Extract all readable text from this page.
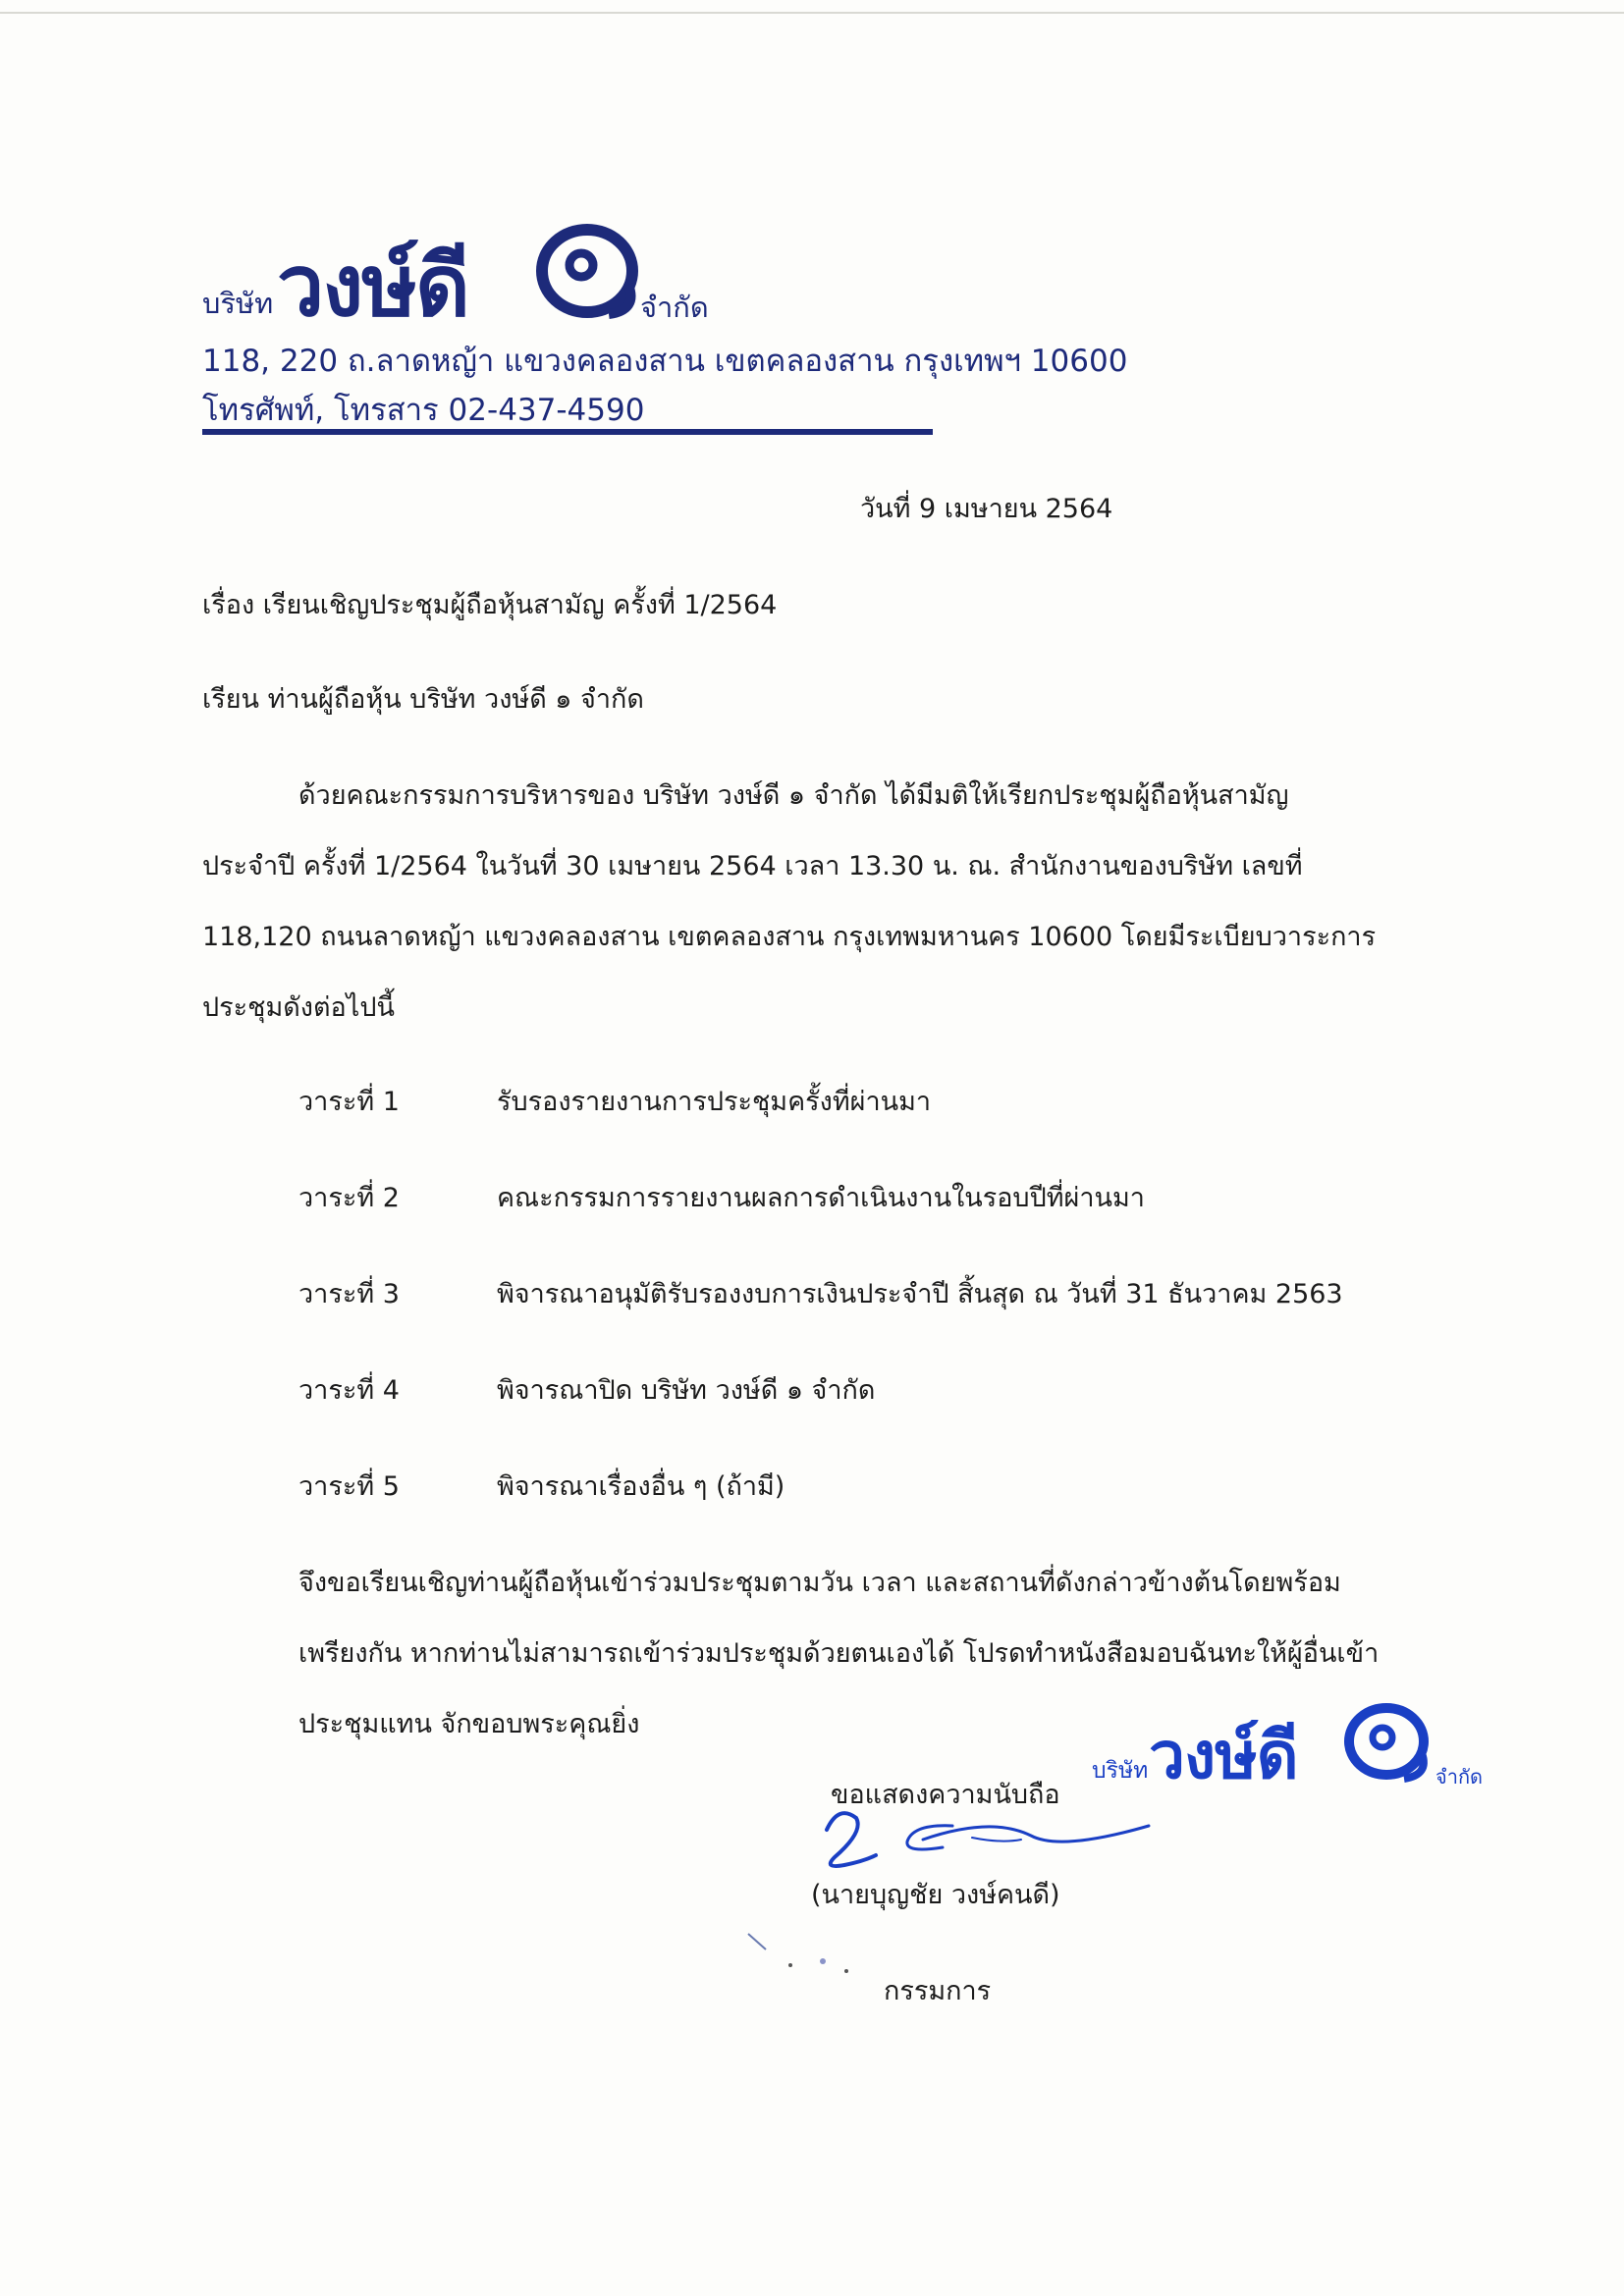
บริษัท วงษ์ดี	๑
จำกัด
118, 220 ถ.ลาดหญ้า แขวงคลองสาน เขตคลองสาน กรุงเทพฯ 10600
โทรศัพท์, โทรสาร 02-437-4590
วันที่ 9 เมษายน 2564
เรื่อง เรียนเชิญประชุมผู้ถือหุ้นสามัญ ครั้งที่ 1/2564
เรียน ท่านผู้ถือหุ้น บริษัท วงษ์ดี ๑ จำกัด
ด้วยคณะกรรมการบริหารของ บริษัท วงษ์ดี ๑ จำกัด ได้มีมติให้เรียกประชุมผู้ถือหุ้นสามัญ
ประจำปี ครั้งที่ 1/2564 ในวันที่ 30 เมษายน 2564 เวลา 13.30 น. ณ. สำนักงานของบริษัท เลขที่
118,120 ถนนลาดหญ้า แขวงคลองสาน เขตคลองสาน กรุงเทพมหานคร 10600 โดยมีระเบียบวาระการ
ประชุมดังต่อไปนี้
วาระที่ 1	รับรองรายงานการประชุมครั้งที่ผ่านมา
วาระที่ 2	คณะกรรมการรายงานผลการดำเนินงานในรอบปีที่ผ่านมา
วาระที่ 3	พิจารณาอนุมัติรับรองงบการเงินประจำปี สิ้นสุด ณ วันที่ 31 ธันวาคม 2563
วาระที่ 4	พิจารณาปิด บริษัท วงษ์ดี ๑ จำกัด
วาระที่ 5	พิจารณาเรื่องอื่น ๆ (ถ้ามี)
จึงขอเรียนเชิญท่านผู้ถือหุ้นเข้าร่วมประชุมตามวัน เวลา และสถานที่ดังกล่าวข้างต้นโดยพร้อม
เพรียงกัน หากท่านไม่สามารถเข้าร่วมประชุมด้วยตนเองได้ โปรดทำหนังสือมอบฉันทะให้ผู้อื่นเข้า
ประชุมแทน จักขอบพระคุณยิ่ง
ขอแสดงความนับถือ
บริษัท วงษ์ดี	๑
จำกัด
(นายบุญชัย วงษ์คนดี)
กรรมการ
